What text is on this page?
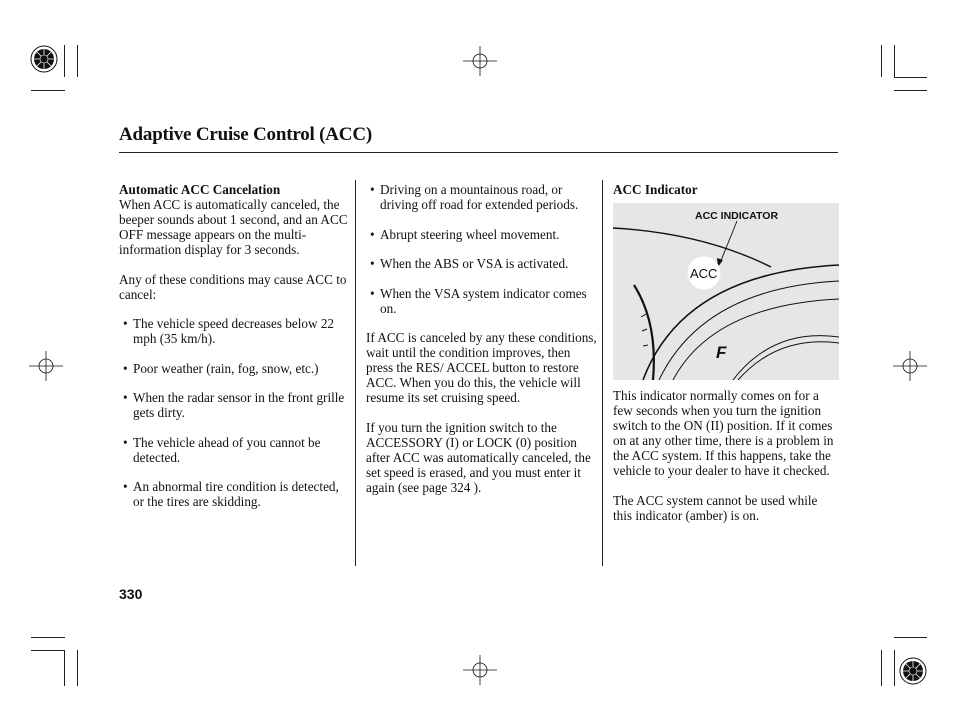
Adaptive Cruise Control (ACC)

Automatic ACC Cancelation

When ACC is automatically canceled, the beeper sounds about 1 second, and an ACC OFF message appears on the multi-information display for 3 seconds.

Any of these conditions may cause ACC to cancel:

• The vehicle speed decreases below 22 mph (35 km/h).
• Poor weather (rain, fog, snow, etc.)
• When the radar sensor in the front grille gets dirty.
• The vehicle ahead of you cannot be detected.
• An abnormal tire condition is detected, or the tires are skidding.
• Driving on a mountainous road, or driving off road for extended periods.
• Abrupt steering wheel movement.
• When the ABS or VSA is activated.
• When the VSA system indicator comes on.

If ACC is canceled by any these conditions, wait until the condition improves, then press the RES/ ACCEL button to restore ACC. When you do this, the vehicle will resume its set cruising speed.

If you turn the ignition switch to the ACCESSORY (I) or LOCK (0) position after ACC was automatically canceled, the set speed is erased, and you must enter it again (see page 324 ).

ACC Indicator

ACC INDICATOR
ACC
F

This indicator normally comes on for a few seconds when you turn the ignition switch to the ON (II) position. If it comes on at any other time, there is a problem in the ACC system. If this happens, take the vehicle to your dealer to have it checked.

The ACC system cannot be used while this indicator (amber) is on.

330
